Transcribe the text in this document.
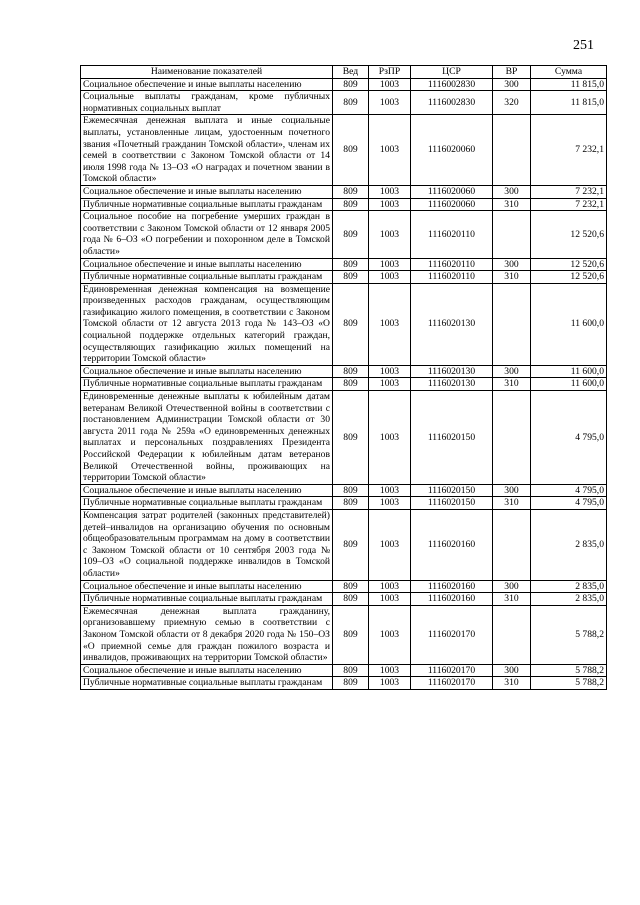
251
Наименование показателей	Вед	РзПР	ЦСР	ВР	Сумма
Социальное обеспечение и иные выплаты населению	809	1003	1116002830	300	11 815,0
Социальные выплаты гражданам, кроме публичных нормативных социальных выплат	809	1003	1116002830	320	11 815,0
Ежемесячная денежная выплата и иные социальные выплаты, установленные лицам, удостоенным почетного звания «Почетный гражданин Томской области», членам их семей в соответствии с Законом Томской области от 14 июля 1998 года № 13–ОЗ «О наградах и почетном звании в Томской области»	809	1003	1116020060		7 232,1
Социальное обеспечение и иные выплаты населению	809	1003	1116020060	300	7 232,1
Публичные нормативные социальные выплаты гражданам	809	1003	1116020060	310	7 232,1
Социальное пособие на погребение умерших граждан в соответствии с Законом Томской области от 12 января 2005 года № 6–ОЗ «О погребении и похоронном деле в Томской области»	809	1003	1116020110		12 520,6
Социальное обеспечение и иные выплаты населению	809	1003	1116020110	300	12 520,6
Публичные нормативные социальные выплаты гражданам	809	1003	1116020110	310	12 520,6
Единовременная денежная компенсация на возмещение произведенных расходов гражданам, осуществляющим газификацию жилого помещения, в соответствии с Законом Томской области от 12 августа 2013 года № 143–ОЗ «О социальной поддержке отдельных категорий граждан, осуществляющих газификацию жилых помещений на территории Томской области»	809	1003	1116020130		11 600,0
Социальное обеспечение и иные выплаты населению	809	1003	1116020130	300	11 600,0
Публичные нормативные социальные выплаты гражданам	809	1003	1116020130	310	11 600,0
Единовременные денежные выплаты к юбилейным датам ветеранам Великой Отечественной войны в соответствии с постановлением Администрации Томской области от 30 августа 2011 года № 259а «О единовременных денежных выплатах и персональных поздравлениях Президента Российской Федерации к юбилейным датам ветеранов Великой Отечественной войны, проживающих на территории Томской области»	809	1003	1116020150		4 795,0
Социальное обеспечение и иные выплаты населению	809	1003	1116020150	300	4 795,0
Публичные нормативные социальные выплаты гражданам	809	1003	1116020150	310	4 795,0
Компенсация затрат родителей (законных представителей) детей–инвалидов на организацию обучения по основным общеобразовательным программам на дому в соответствии с Законом Томской области от 10 сентября 2003 года № 109–ОЗ «О социальной поддержке инвалидов в Томской области»	809	1003	1116020160		2 835,0
Социальное обеспечение и иные выплаты населению	809	1003	1116020160	300	2 835,0
Публичные нормативные социальные выплаты гражданам	809	1003	1116020160	310	2 835,0
Ежемесячная денежная выплата гражданину, организовавшему приемную семью в соответствии с Законом Томской области от 8 декабря 2020 года № 150–ОЗ «О приемной семье для граждан пожилого возраста и инвалидов, проживающих на территории Томской области»	809	1003	1116020170		5 788,2
Социальное обеспечение и иные выплаты населению	809	1003	1116020170	300	5 788,2
Публичные нормативные социальные выплаты гражданам	809	1003	1116020170	310	5 788,2
